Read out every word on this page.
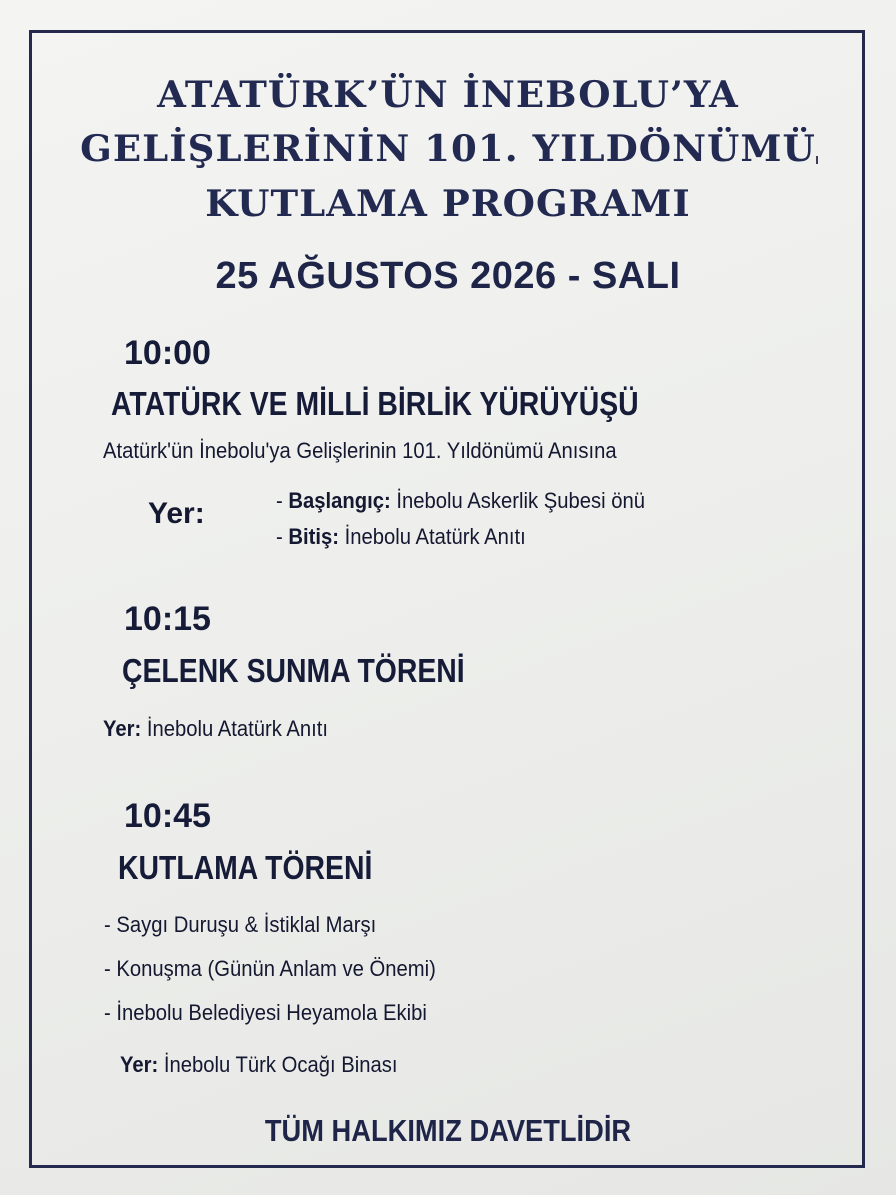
ATATÜRK’ÜN İNEBOLU’YA
GELİŞLERİNİN 101. YILDÖNÜMÜ
KUTLAMA PROGRAMI
25 AĞUSTOS 2026 - SALI
10:00
ATATÜRK VE MİLLİ BİRLİK YÜRÜYÜŞÜ
Atatürk'ün İnebolu'ya Gelişlerinin 101. Yıldönümü Anısına
Yer:	- Başlangıç: İnebolu Askerlik Şubesi önü
- Bitiş: İnebolu Atatürk Anıtı
10:15
ÇELENK SUNMA TÖRENİ
Yer: İnebolu Atatürk Anıtı
10:45
KUTLAMA TÖRENİ
- Saygı Duruşu & İstiklal Marşı
- Konuşma (Günün Anlam ve Önemi)
- İnebolu Belediyesi Heyamola Ekibi
Yer: İnebolu Türk Ocağı Binası
TÜM HALKIMIZ DAVETLİDİR
